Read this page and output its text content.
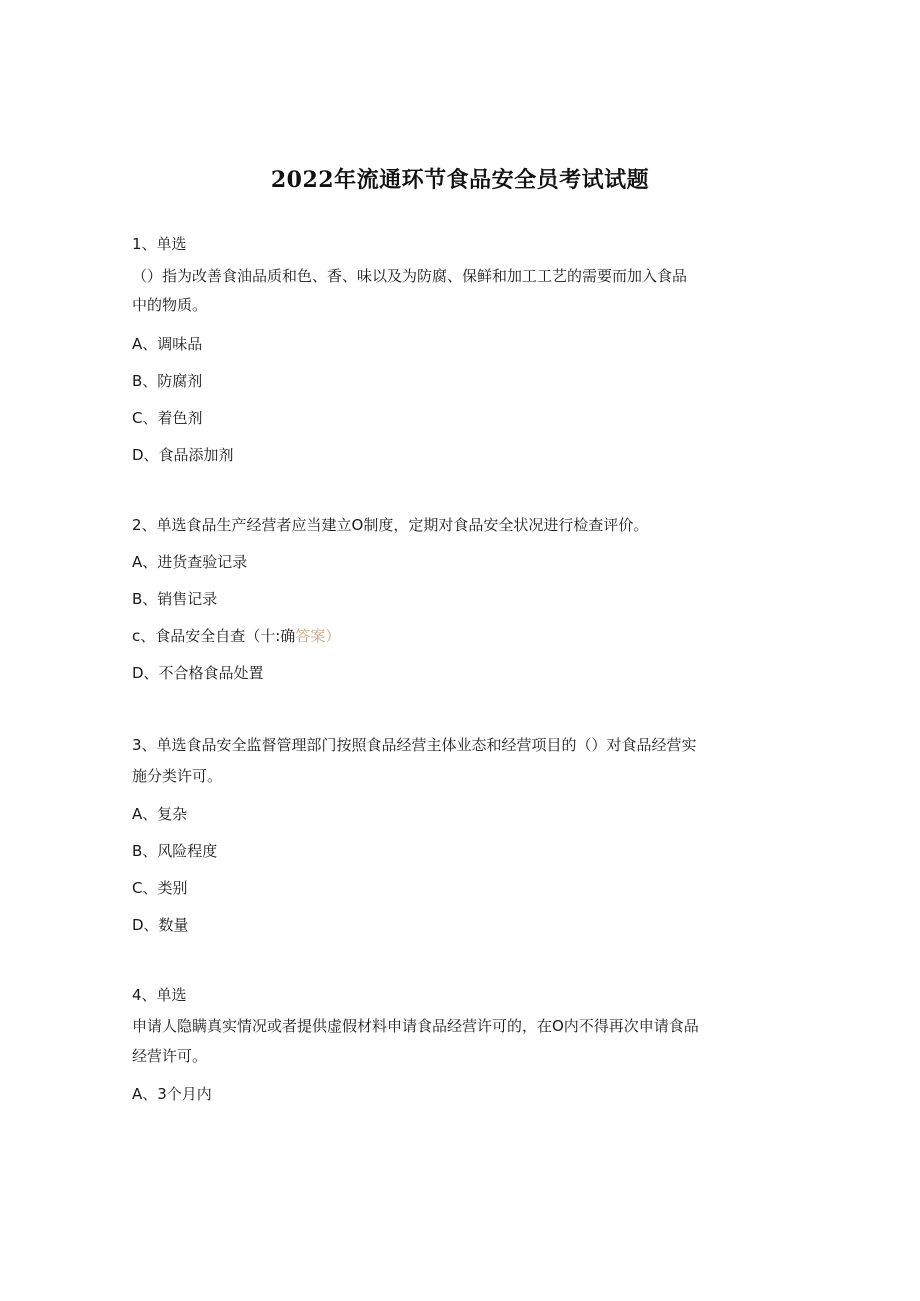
2022年流通环节食品安全员考试试题
1、单选
（）指为改善食油品质和色、香、味以及为防腐、保鲜和加工工艺的需要而加入食品
中的物质。
A、调味品
B、防腐剂
C、着色剂
D、食品添加剂
2、单选食品生产经营者应当建立O制度，定期对食品安全状况进行检查评价。
A、进货查验记录
B、销售记录
c、食品安全自查（十:确答案）
D、不合格食品处置
3、单选食品安全监督管理部门按照食品经营主体业态和经营项目的（）对食品经营实
施分类许可。
A、复杂
B、风险程度
C、类别
D、数量
4、单选
申请人隐瞒真实情况或者提供虚假材料申请食品经营许可的，在O内不得再次申请食品
经营许可。
A、3个月内
